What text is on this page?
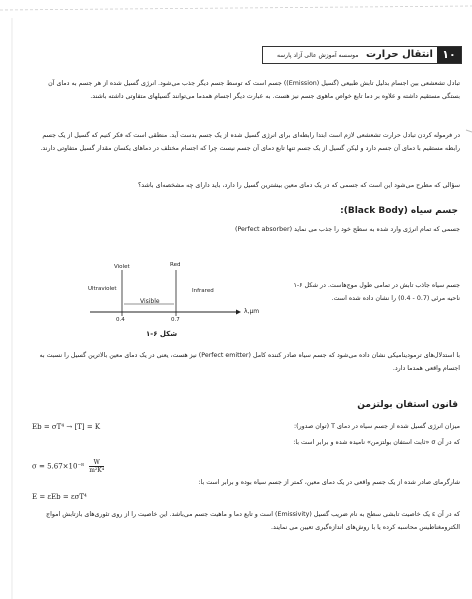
۱۰
انتقال حرارت موسسه آموزش عالی آزاد پارسه
تبادل تشعشعی بین اجسام بدلیل تابش طبیعی (گسیل (Emission)) جسم است که توسط جسم دیگر جذب می‌شود. انرژی گسیل شده از هر جسم به دمای آن بستگی مستقیم داشته و علاوه بر دما تابع خواص ماهوی جسم نیز هست. به عبارت دیگر اجسام همدما می‌توانند گسیلهای متفاوتی داشته باشند.
در فرموله کردن تبادل حرارت تشعشعی لازم است ابتدا رابطه‌ای برای انرژی گسیل شده از یک جسم بدست آید. منطقی است که فکر کنیم که گسیل از یک جسم رابطه مستقیم با دمای آن جسم دارد و لیکن گسیل از یک جسم تنها تابع دمای آن جسم نیست چرا که اجسام مختلف در دماهای یکسان مقدار گسیل متفاوتی دارند.
سؤالی که مطرح می‌شود این است که جسمی که در یک دمای معین بیشترین گسیل را دارد، باید دارای چه مشخصه‌ای باشد؟
جسم سیاه (Black Body):
جسمی که تمام انرژی وارد شده به سطح خود را جذب می نماید (Perfect absorber)
Violet	Red
Ultraviolet	Infrared
Visible
0.4	0.7
λ,μm
شکل ۶-۱
جسم سیاه جاذب تابش در تمامی طول موج‌هاست. در شکل ۶-۱ ناحیه مرئی (0.7 - 0.4) را نشان داده شده است.
با استدلال‌های ترمودینامیکی نشان داده می‌شود که جسم سیاه صادر کننده کامل (Perfect emitter) نیز هست، یعنی در یک دمای معین بالاترین گسیل را نسبت به اجسام واقعی همدما دارد.
قانون استفان بولتزمن
میزان انرژی گسیل شده از جسم سیاه در دمای T (توان صدور):
Eb = σT⁴ → [T] = K
که در آن σ «ثابت استفان بولتزمن» نامیده شده و برابر است با:
$\sigma = 5.67\times 10^{-8} \frac{W}{\text{m²K⁴}}$
شارگرمای صادر شده از یک جسم واقعی در یک دمای معین، کمتر از جسم سیاه بوده و برابر است با:
E = εEb = εσT⁴
که در آن ε یک خاصیت تابشی سطح به نام ضریب گسیل (Emissivity) است و تابع دما و ماهیت جسم می‌باشد. این خاصیت را از روی تئوری‌های بازتابش امواج الکترومغناطیس محاسبه کرده یا با روش‌های اندازه‌گیری تعیین می نمایند.
